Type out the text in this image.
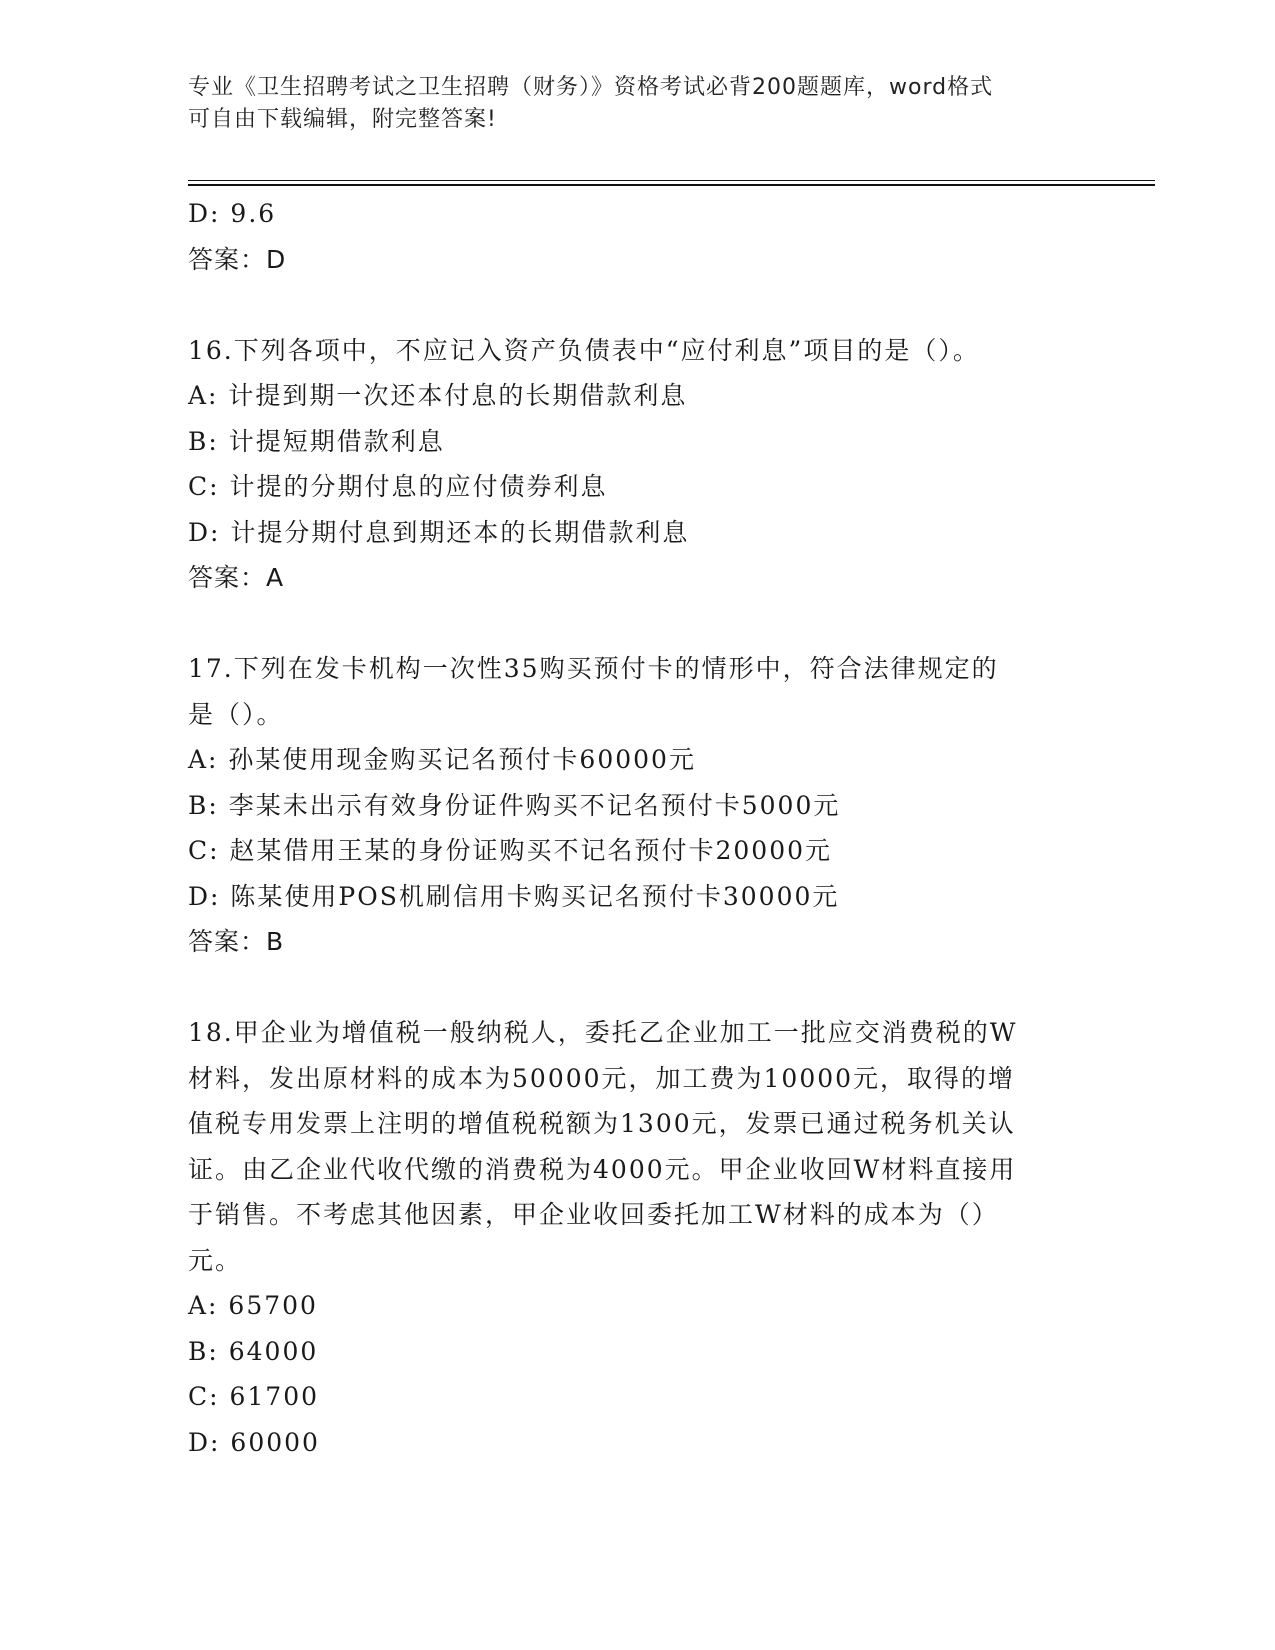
专业《卫生招聘考试之卫生招聘（财务）》资格考试必背200题题库，word格式
可自由下载编辑，附完整答案!
D: 9.6
答案：D
16.下列各项中，不应记入资产负债表中“应付利息”项目的是（）。
A: 计提到期一次还本付息的长期借款利息
B: 计提短期借款利息
C: 计提的分期付息的应付债券利息
D: 计提分期付息到期还本的长期借款利息
答案：A
17.下列在发卡机构一次性35购买预付卡的情形中，符合法律规定的
是（）。
A: 孙某使用现金购买记名预付卡60000元
B: 李某未出示有效身份证件购买不记名预付卡5000元
C: 赵某借用王某的身份证购买不记名预付卡20000元
D: 陈某使用POS机刷信用卡购买记名预付卡30000元
答案：B
18.甲企业为增值税一般纳税人，委托乙企业加工一批应交消费税的W
材料，发出原材料的成本为50000元，加工费为10000元，取得的增
值税专用发票上注明的增值税税额为1300元，发票已通过税务机关认
证。由乙企业代收代缴的消费税为4000元。甲企业收回W材料直接用
于销售。不考虑其他因素，甲企业收回委托加工W材料的成本为（）
元。
A: 65700
B: 64000
C: 61700
D: 60000
